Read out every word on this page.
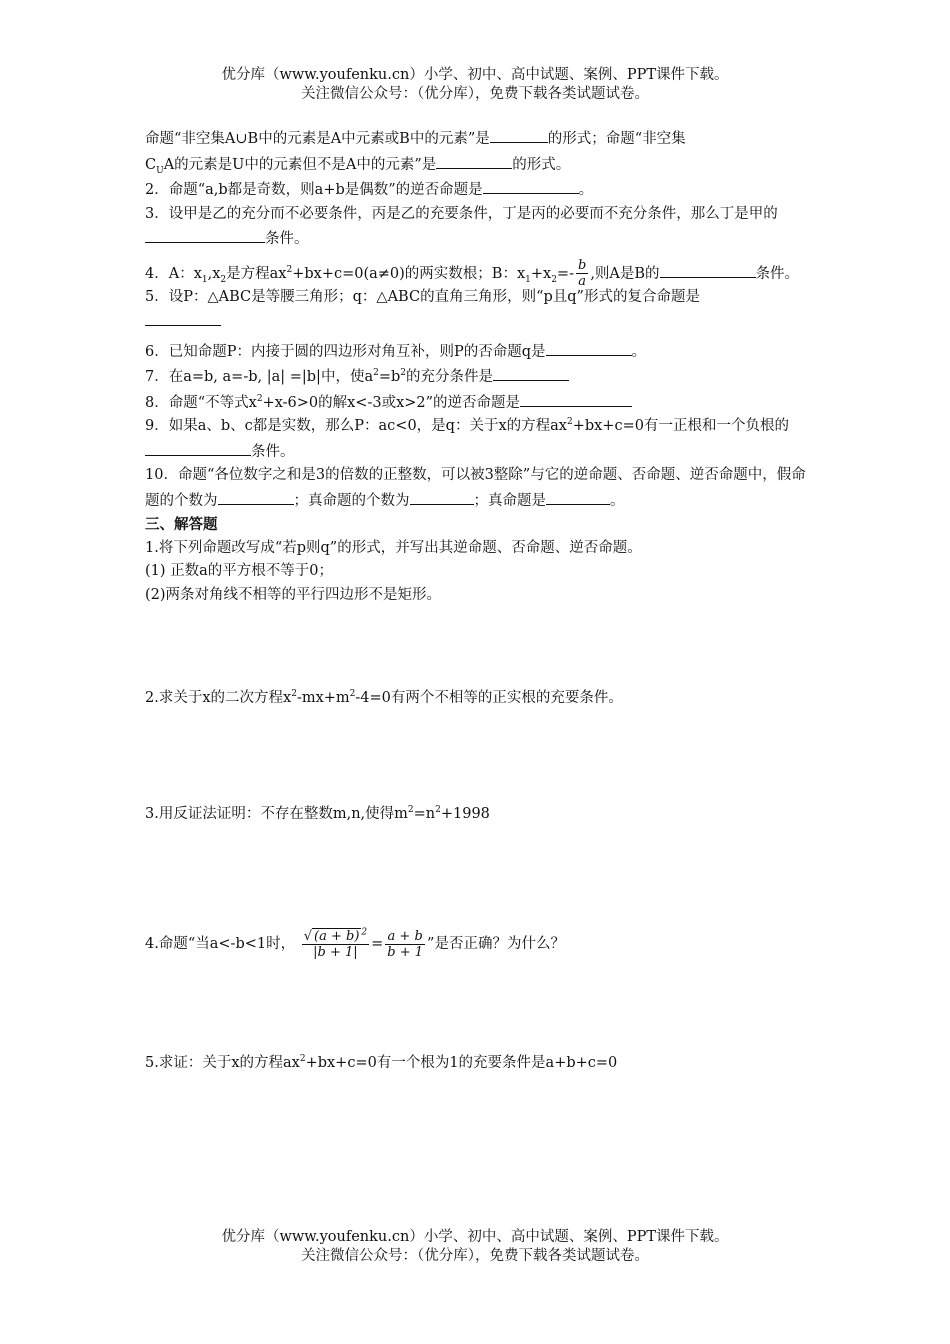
优分库（www.youfenku.cn）小学、初中、高中试题、案例、PPT课件下载。
关注微信公众号：（优分库），免费下载各类试题试卷。

命题“非空集A∪B中的元素是A中元素或B中的元素”是	的形式；命题“非空集
$C_UA$的元素是U中的元素但不是A中的元素”是	的形式。

2．命题“a,b都是奇数，则a+b是偶数”的逆否命题是	。

3．设甲是乙的充分而不必要条件，丙是乙的充要条件，丁是丙的必要而不充分条件，那么丁是甲的条件。

4．A：$x_1,x_2$是方程$ax^2+bx+c=0(a\ne 0)$的两实数根；B：$x_1+x_2=- \frac{b}{a}$ ,则A是B的	条件。

5．设P：△ABC是等腰三角形；q：△ABC的直角三角形，则“p且q”形式的复合命题是

6．已知命题P：内接于圆的四边形对角互补，则P的否命题q是	。

7．在a=b, a=-b, |a| =|b|中，使$a^2=b^2$的充分条件是

8．命题“不等式$x^2+x-6>0$的解x<-3或x>2”的逆否命题是

9．如果a、b、c都是实数，那么P：ac<0，是q：关于x的方程$ax^2+bx+c=0$有一正根和一个负根的条件。

10．命题“各位数字之和是3的倍数的正整数，可以被3整除”与它的逆命题、否命题、逆否命题中，假命题的个数为	；真命题的个数为	；真命题是	。

三、解答题

1.将下列命题改写成“若p则q”的形式，并写出其逆命题、否命题、逆否命题。

(1) 正数a的平方根不等于0；

(2)两条对角线不相等的平行四边形不是矩形。

2.求关于x的二次方程$x^2-mx+m^2-4=0$有两个不相等的正实根的充要条件。

3.用反证法证明：不存在整数m,n,使得$m^2=n^2+1998$

4.命题“当a<-b<1时， $\frac{√ (a + b) ^2}{|b + 1|} = \frac{a + b}{b + 1}$ ”是否正确？为什么？

5.求证：关于x的方程$ax^2+bx+c=0$有一个根为1的充要条件是a+b+c=0

优分库（www.youfenku.cn）小学、初中、高中试题、案例、PPT课件下载。
关注微信公众号：（优分库），免费下载各类试题试卷。
